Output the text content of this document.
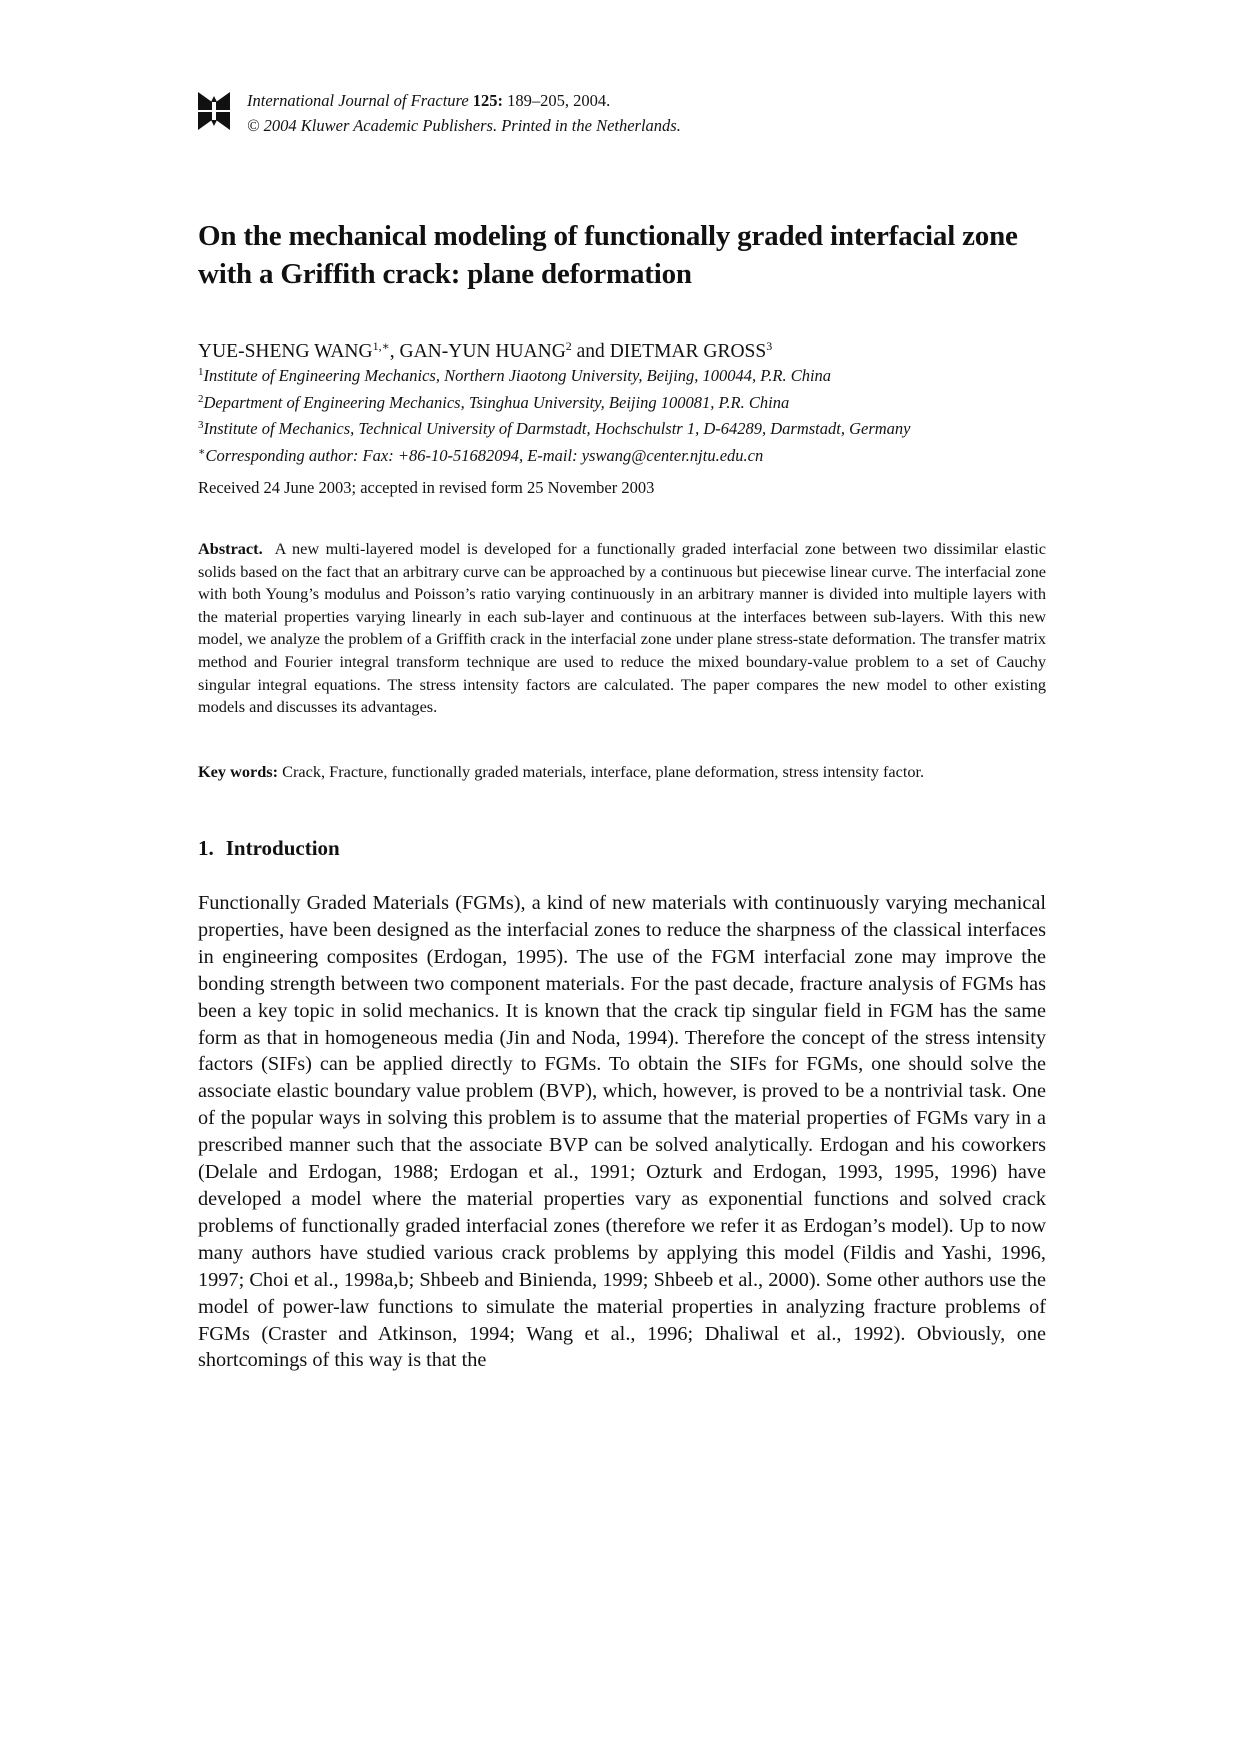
International Journal of Fracture 125: 189–205, 2004.
© 2004 Kluwer Academic Publishers. Printed in the Netherlands.
On the mechanical modeling of functionally graded interfacial zone with a Griffith crack: plane deformation
YUE-SHENG $WANG^{1,∗}$, GAN-YUN HUANG$^2$ and DIETMAR GROSS$^3$
$^1$Institute of Engineering Mechanics, Northern Jiaotong University, Beijing, 100044, P.R. China
$^2$Department of Engineering Mechanics, Tsinghua University, Beijing 100081, P.R. China
$^3$Institute of Mechanics, Technical University of Darmstadt, Hochschulstr 1, D-64289, Darmstadt, Germany
∗Corresponding author: Fax: +86-10-51682094, E-mail: yswang@center.njtu.edu.cn
Received 24 June 2003; accepted in revised form 25 November 2003

Abstract. A new multi-layered model is developed for a functionally graded interfacial zone between two dissimilar elastic solids based on the fact that an arbitrary curve can be approached by a continuous but piecewise linear curve. The interfacial zone with both Young’s modulus and Poisson’s ratio varying continuously in an arbitrary manner is divided into multiple layers with the material properties varying linearly in each sub-layer and continuous at the interfaces between sub-layers. With this new model, we analyze the problem of a Griffith crack in the interfacial zone under plane stress-state deformation. The transfer matrix method and Fourier integral transform technique are used to reduce the mixed boundary-value problem to a set of Cauchy singular integral equations. The stress intensity factors are calculated. The paper compares the new model to other existing models and discusses its advantages.

Key words: Crack, Fracture, functionally graded materials, interface, plane deformation, stress intensity factor.
1. Introduction

Functionally Graded Materials (FGMs), a kind of new materials with continuously varying mechanical properties, have been designed as the interfacial zones to reduce the sharpness of the classical interfaces in engineering composites (Erdogan, 1995). The use of the FGM interfacial zone may improve the bonding strength between two component materials. For the past decade, fracture analysis of FGMs has been a key topic in solid mechanics. It is known that the crack tip singular field in FGM has the same form as that in homogeneous media (Jin and Noda, 1994). Therefore the concept of the stress intensity factors (SIFs) can be applied directly to FGMs. To obtain the SIFs for FGMs, one should solve the associate elastic boundary value problem (BVP), which, however, is proved to be a nontrivial task. One of the popular ways in solving this problem is to assume that the material properties of FGMs vary in a prescribed manner such that the associate BVP can be solved analytically. Erdogan and his coworkers (Delale and Erdogan, 1988; Erdogan et al., 1991; Ozturk and Erdogan, 1993, 1995, 1996) have developed a model where the material properties vary as exponential functions and solved crack problems of functionally graded interfacial zones (therefore we refer it as Erdogan’s model). Up to now many authors have studied various crack problems by applying this model (Fildis and Yashi, 1996, 1997; Choi et al., 1998a,b; Shbeeb and Binienda, 1999; Shbeeb et al., 2000). Some other authors use the model of power-law functions to simulate the material properties in analyzing fracture problems of FGMs (Craster and Atkinson, 1994; Wang et al., 1996; Dhaliwal et al., 1992). Obviously, one shortcomings of this way is that the
